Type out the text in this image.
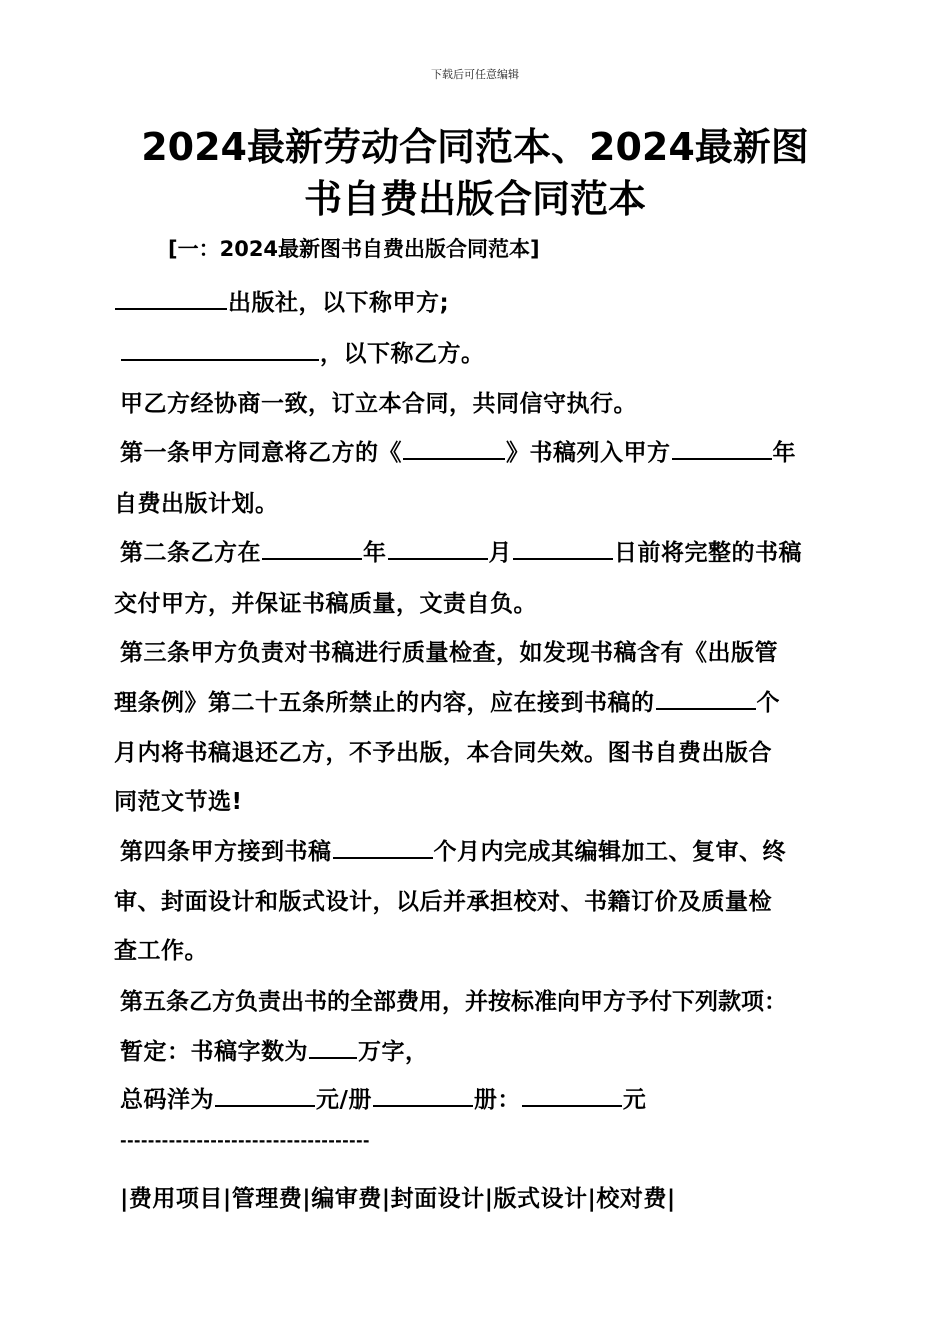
下载后可任意编辑
2024最新劳动合同范本、2024最新图
书自费出版合同范本
[一：2024最新图书自费出版合同范本]
出版社，以下称甲方;
，以下称乙方。
甲乙方经协商一致，订立本合同，共同信守执行。
第一条甲方同意将乙方的《	》书稿列入甲方	年
自费出版计划。
第二条乙方在	年	月	日前将完整的书稿
交付甲方，并保证书稿质量，文责自负。
第三条甲方负责对书稿进行质量检查，如发现书稿含有《出版管
理条例》第二十五条所禁止的内容，应在接到书稿的	个
月内将书稿退还乙方，不予出版，本合同失效。图书自费出版合
同范文节选!
第四条甲方接到书稿	个月内完成其编辑加工、复审、终
审、封面设计和版式设计，以后并承担校对、书籍订价及质量检
查工作。
第五条乙方负责出书的全部费用，并按标准向甲方予付下列款项：
暂定：书稿字数为 万字，
总码洋为	元/册	册：	元
------------------------------------
|费用项目|管理费|编审费|封面设计|版式设计|校对费|
